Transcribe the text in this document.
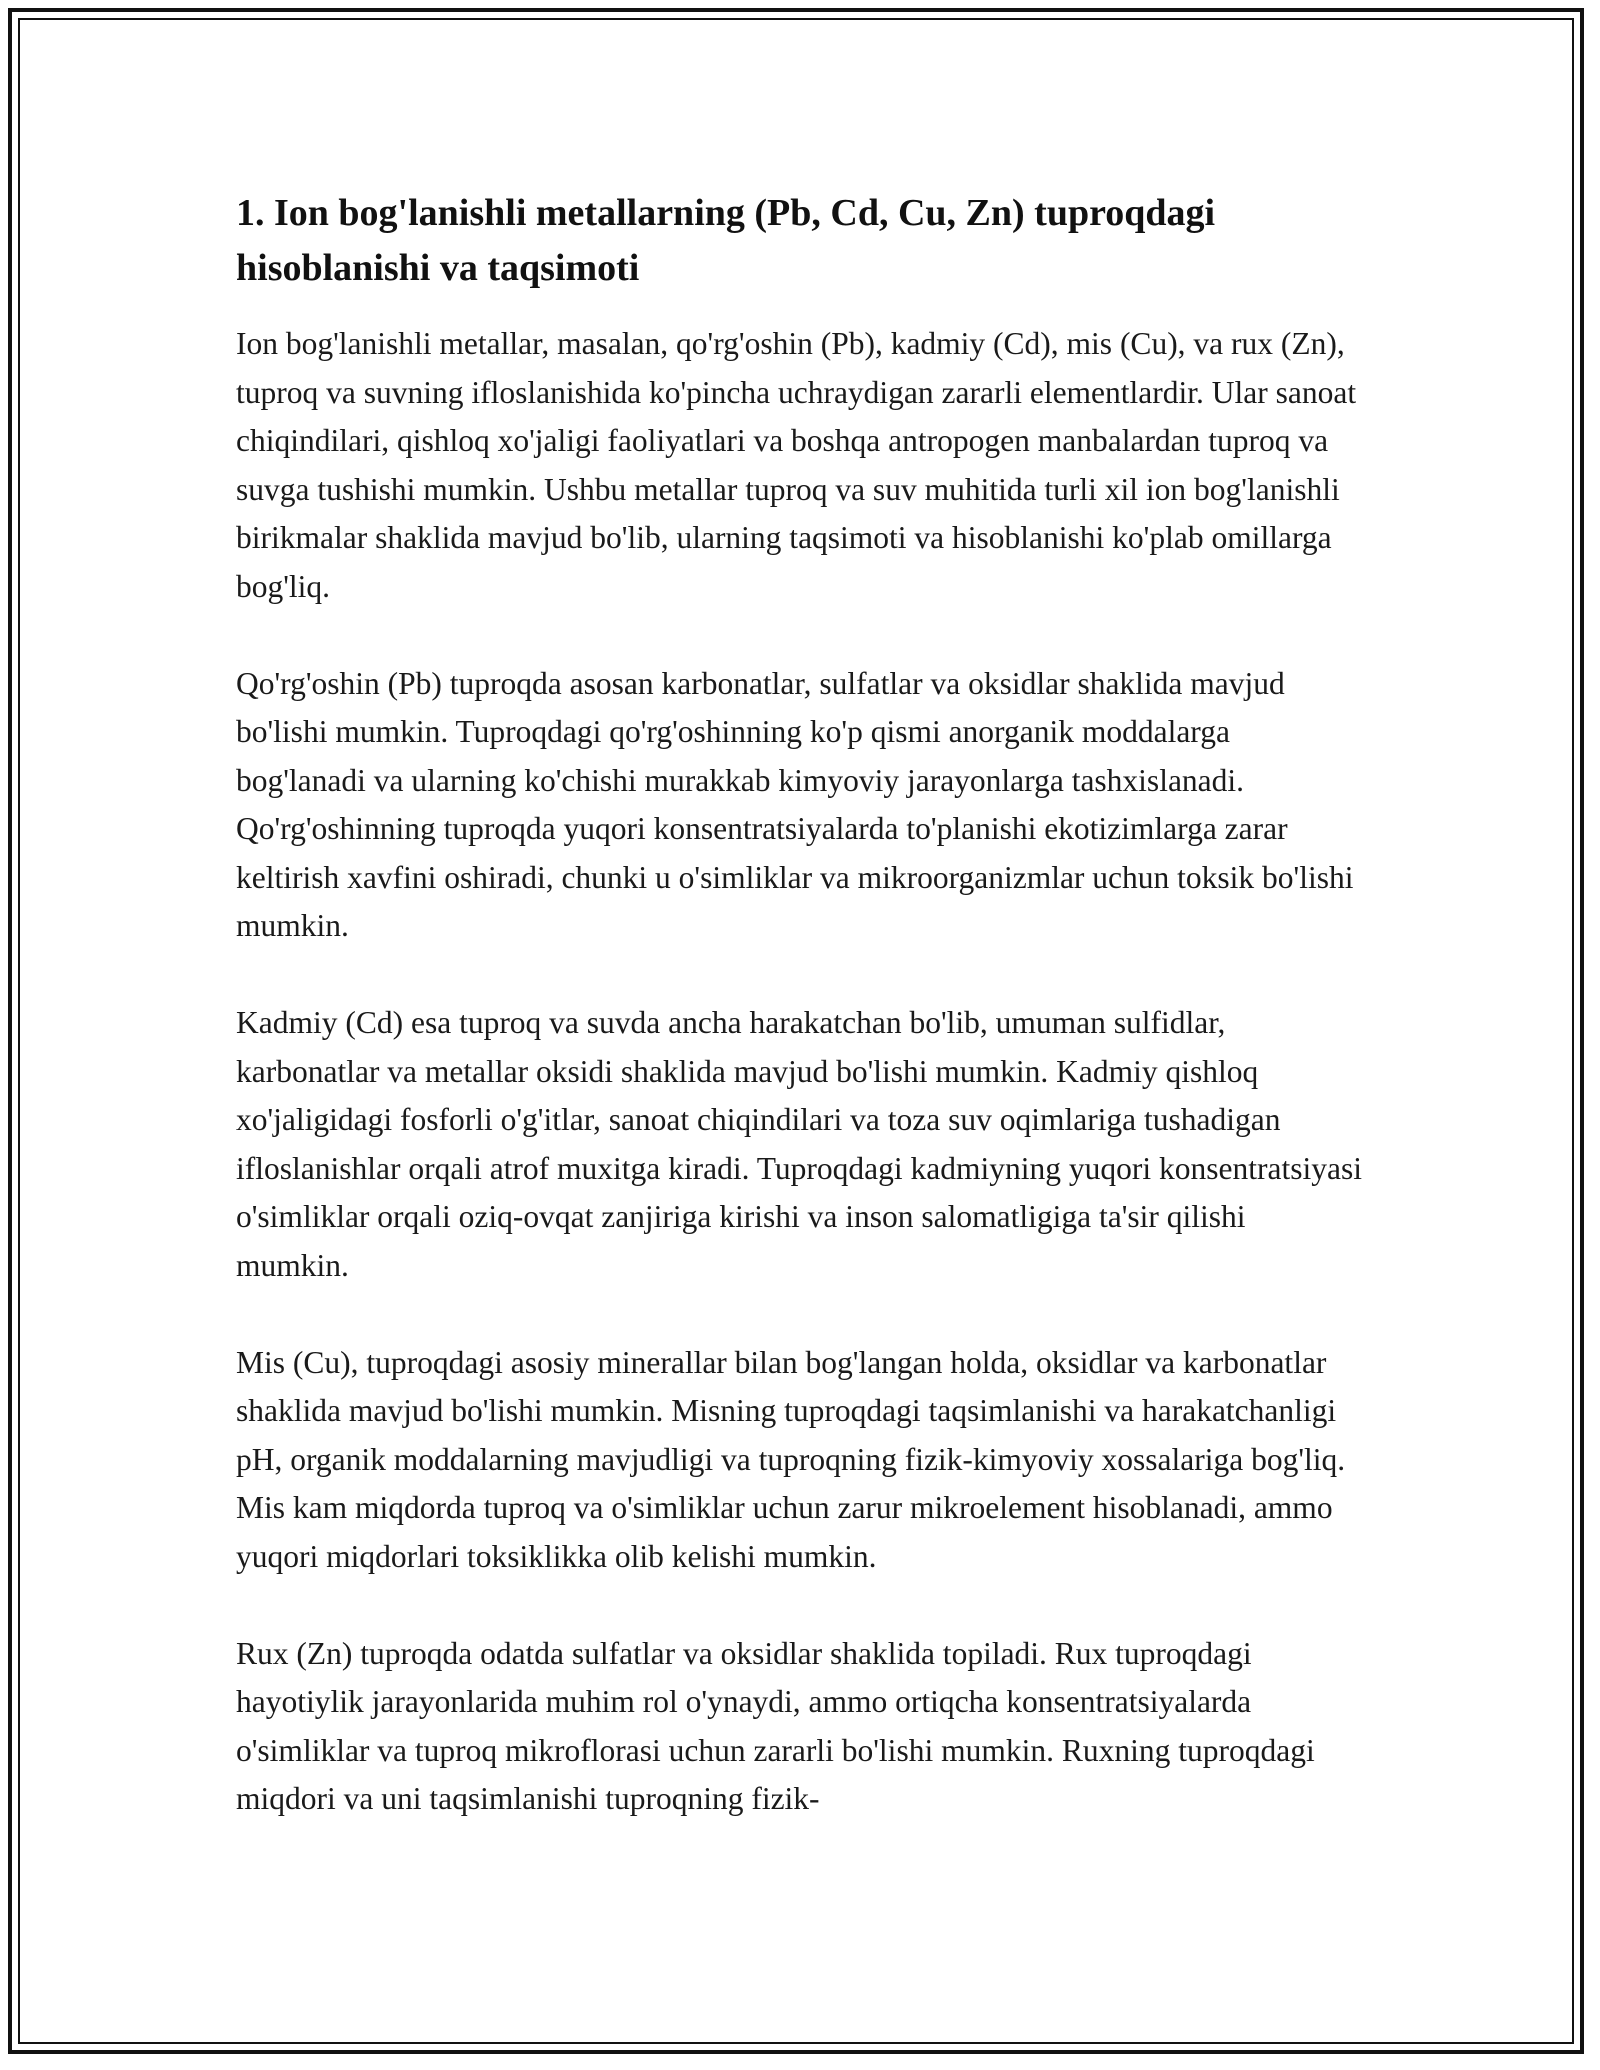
1. Ion bog'lanishli metallarning (Pb, Cd, Cu, Zn) tuproqdagi
hisoblanishi va taqsimoti

Ion bog'lanishli metallar, masalan, qo'rg'oshin (Pb), kadmiy (Cd), mis (Cu), va rux (Zn), tuproq va suvning ifloslanishida ko'pincha uchraydigan zararli elementlardir. Ular sanoat chiqindilari, qishloq xo'jaligi faoliyatlari va boshqa antropogen manbalardan tuproq va suvga tushishi mumkin. Ushbu metallar tuproq va suv muhitida turli xil ion bog'lanishli birikmalar shaklida mavjud bo'lib, ularning taqsimoti va hisoblanishi ko'plab omillarga bog'liq.

Qo'rg'oshin (Pb) tuproqda asosan karbonatlar, sulfatlar va oksidlar shaklida mavjud bo'lishi mumkin. Tuproqdagi qo'rg'oshinning ko'p qismi anorganik moddalarga bog'lanadi va ularning ko'chishi murakkab kimyoviy jarayonlarga tashxislanadi. Qo'rg'oshinning tuproqda yuqori konsentratsiyalarda to'planishi ekotizimlarga zarar keltirish xavfini oshiradi, chunki u o'simliklar va mikroorganizmlar uchun toksik bo'lishi mumkin.

Kadmiy (Cd) esa tuproq va suvda ancha harakatchan bo'lib, umuman sulfidlar, karbonatlar va metallar oksidi shaklida mavjud bo'lishi mumkin. Kadmiy qishloq xo'jaligidagi fosforli o'g'itlar, sanoat chiqindilari va toza suv oqimlariga tushadigan ifloslanishlar orqali atrof muxitga kiradi. Tuproqdagi kadmiyning yuqori konsentratsiyasi o'simliklar orqali oziq-ovqat zanjiriga kirishi va inson salomatligiga ta'sir qilishi mumkin.

Mis (Cu), tuproqdagi asosiy minerallar bilan bog'langan holda, oksidlar va karbonatlar shaklida mavjud bo'lishi mumkin. Misning tuproqdagi taqsimlanishi va harakatchanligi pH, organik moddalarning mavjudligi va tuproqning fizik-kimyoviy xossalariga bog'liq. Mis kam miqdorda tuproq va o'simliklar uchun zarur mikroelement hisoblanadi, ammo yuqori miqdorlari toksiklikka olib kelishi mumkin.

Rux (Zn) tuproqda odatda sulfatlar va oksidlar shaklida topiladi. Rux tuproqdagi hayotiylik jarayonlarida muhim rol o'ynaydi, ammo ortiqcha konsentratsiyalarda o'simliklar va tuproq mikroflorasi uchun zararli bo'lishi mumkin. Ruxning tuproqdagi miqdori va uni taqsimlanishi tuproqning fizik-
